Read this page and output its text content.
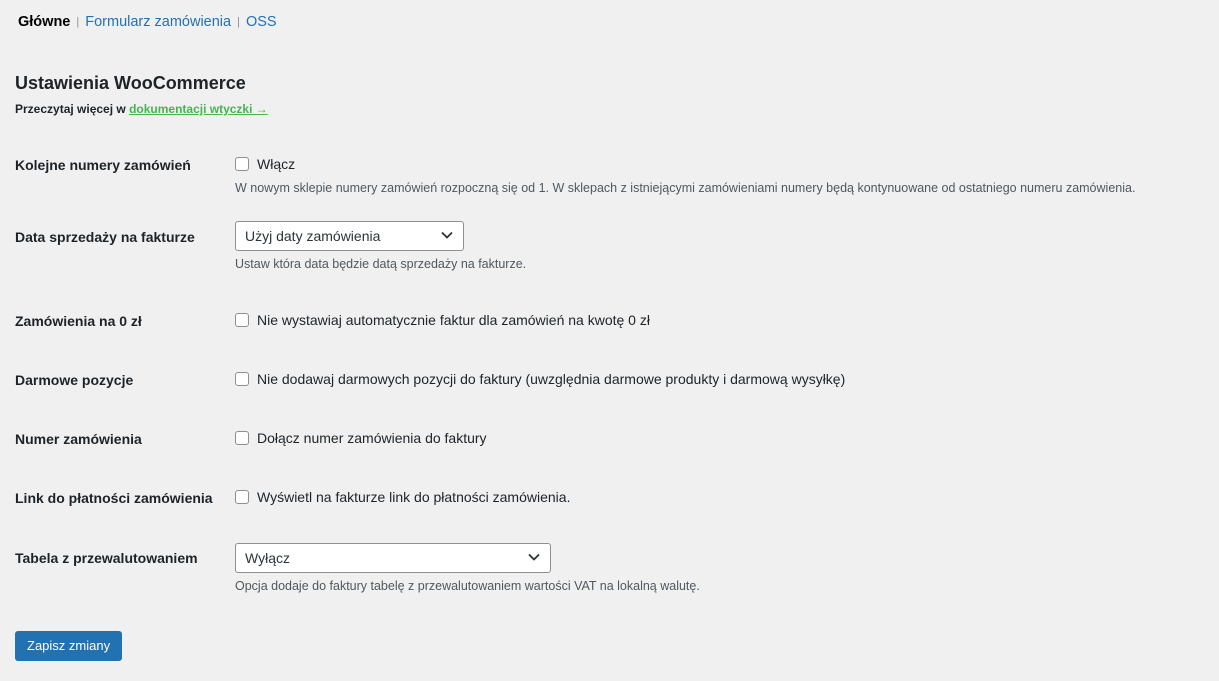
Główne | Formularz zamówienia | OSS
Ustawienia WooCommerce
Przeczytaj więcej w dokumentacji wtyczki →
Kolejne numery zamówień	Włącz
W nowym sklepie numery zamówień rozpoczną się od 1. W sklepach z istniejącymi zamówieniami numery będą kontynuowane od ostatniego numeru zamówienia.
Data sprzedaży na fakturze	Użyj daty zamówienia
Ustaw która data będzie datą sprzedaży na fakturze.
Zamówienia na 0 zł	Nie wystawiaj automatycznie faktur dla zamówień na kwotę 0 zł
Darmowe pozycje	Nie dodawaj darmowych pozycji do faktury (uwzględnia darmowe produkty i darmową wysyłkę)
Numer zamówienia	Dołącz numer zamówienia do faktury
Link do płatności zamówienia	Wyświetl na fakturze link do płatności zamówienia.
Tabela z przewalutowaniem	Wyłącz
Opcja dodaje do faktury tabelę z przewalutowaniem wartości VAT na lokalną walutę.
Zapisz zmiany
